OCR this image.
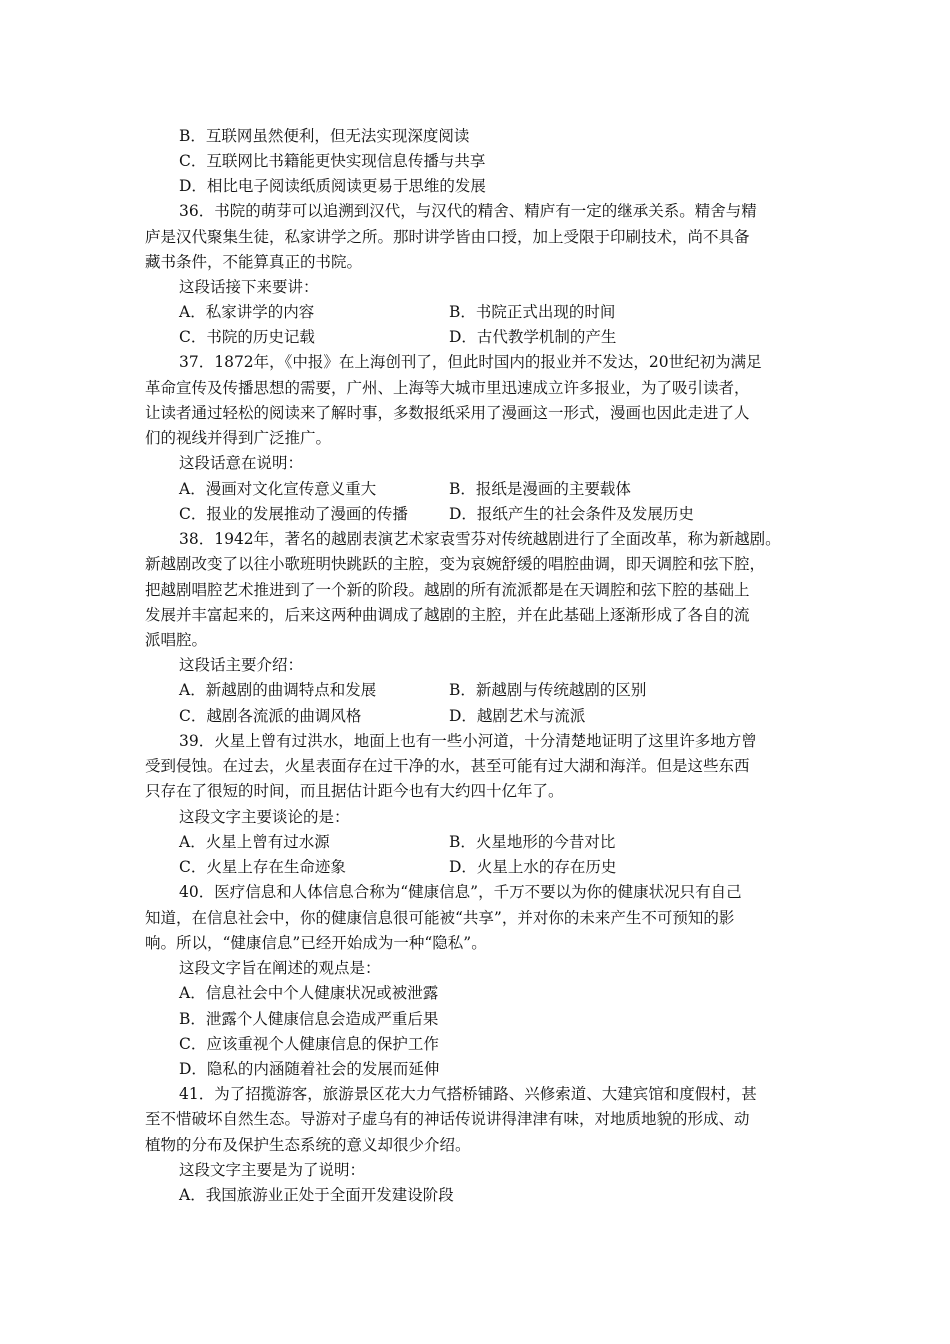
B．互联网虽然便利，但无法实现深度阅读
C．互联网比书籍能更快实现信息传播与共享
D．相比电子阅读纸质阅读更易于思维的发展
36．书院的萌芽可以追溯到汉代，与汉代的精舍、精庐有一定的继承关系。精舍与精
庐是汉代聚集生徒，私家讲学之所。那时讲学皆由口授，加上受限于印刷技术，尚不具备
藏书条件，不能算真正的书院。
这段话接下来要讲：
A．私家讲学的内容	B．书院正式出现的时间
C．书院的历史记载	D．古代教学机制的产生
37．1872年，《中报》在上海创刊了，但此时国内的报业并不发达，20世纪初为满足
革命宣传及传播思想的需要，广州、上海等大城市里迅速成立许多报业，为了吸引读者，
让读者通过轻松的阅读来了解时事，多数报纸采用了漫画这一形式，漫画也因此走进了人
们的视线并得到广泛推广。
这段话意在说明：
A．漫画对文化宣传意义重大	B．报纸是漫画的主要载体
C．报业的发展推动了漫画的传播	D．报纸产生的社会条件及发展历史
38．1942年，著名的越剧表演艺术家袁雪芬对传统越剧进行了全面改革，称为新越剧。
新越剧改变了以往小歌班明快跳跃的主腔，变为哀婉舒缓的唱腔曲调，即天调腔和弦下腔，
把越剧唱腔艺术推进到了一个新的阶段。越剧的所有流派都是在天调腔和弦下腔的基础上
发展并丰富起来的，后来这两种曲调成了越剧的主腔，并在此基础上逐渐形成了各自的流
派唱腔。
这段话主要介绍：
A．新越剧的曲调特点和发展	B．新越剧与传统越剧的区别
C．越剧各流派的曲调风格	D．越剧艺术与流派
39．火星上曾有过洪水，地面上也有一些小河道，十分清楚地证明了这里许多地方曾
受到侵蚀。在过去，火星表面存在过干净的水，甚至可能有过大湖和海洋。但是这些东西
只存在了很短的时间，而且据估计距今也有大约四十亿年了。
这段文字主要谈论的是：
A．火星上曾有过水源	B．火星地形的今昔对比
C．火星上存在生命迹象	D．火星上水的存在历史
40．医疗信息和人体信息合称为“健康信息”，千万不要以为你的健康状况只有自己
知道，在信息社会中，你的健康信息很可能被“共享”，并对你的未来产生不可预知的影
响。所以，“健康信息”已经开始成为一种“隐私”。
这段文字旨在阐述的观点是：
A．信息社会中个人健康状况或被泄露
B．泄露个人健康信息会造成严重后果
C．应该重视个人健康信息的保护工作
D．隐私的内涵随着社会的发展而延伸
41．为了招揽游客，旅游景区花大力气搭桥铺路、兴修索道、大建宾馆和度假村，甚
至不惜破坏自然生态。导游对子虚乌有的神话传说讲得津津有味，对地质地貌的形成、动
植物的分布及保护生态系统的意义却很少介绍。
这段文字主要是为了说明：
A．我国旅游业正处于全面开发建设阶段
